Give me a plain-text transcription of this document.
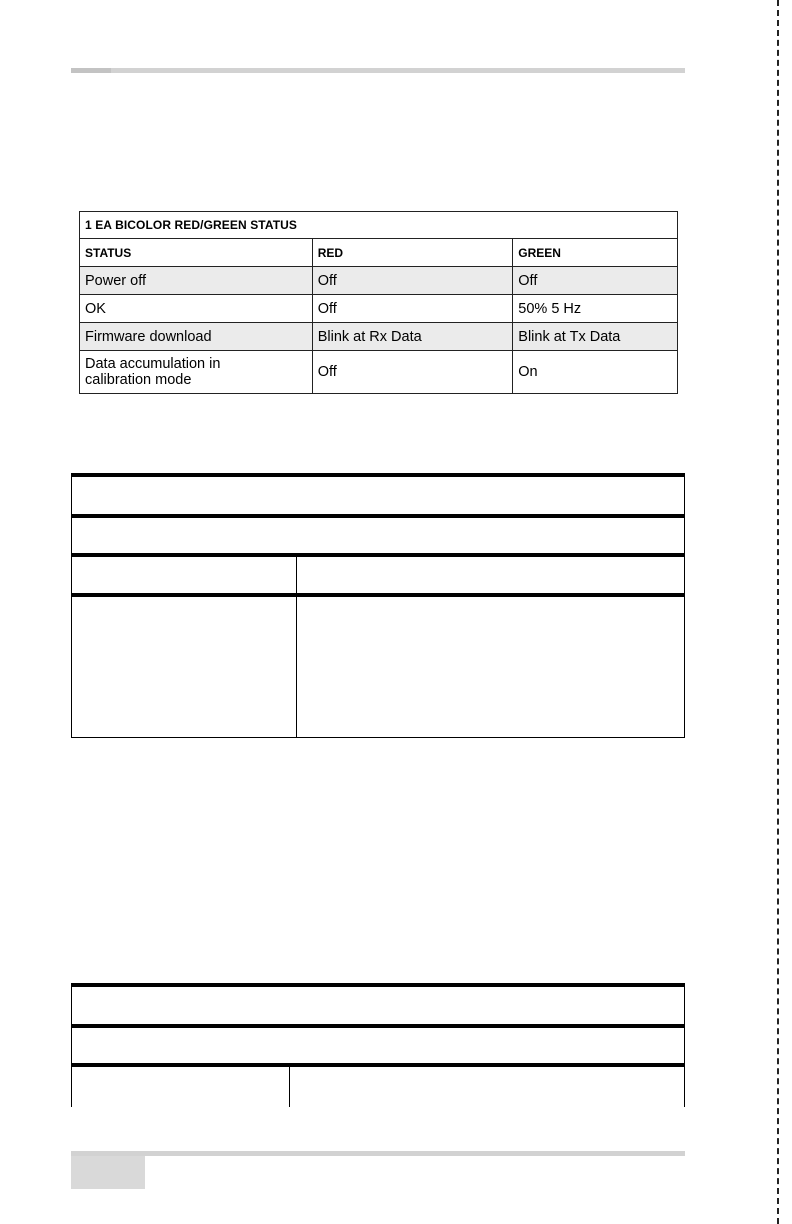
1 EA BICOLOR RED/GREEN STATUS		
STATUS	RED	GREEN
Power off	Off	Off
OK	Off	50% 5 Hz
Firmware download	Blink at Rx Data	Blink at Tx Data
Data accumulation in calibration mode	Off	On
